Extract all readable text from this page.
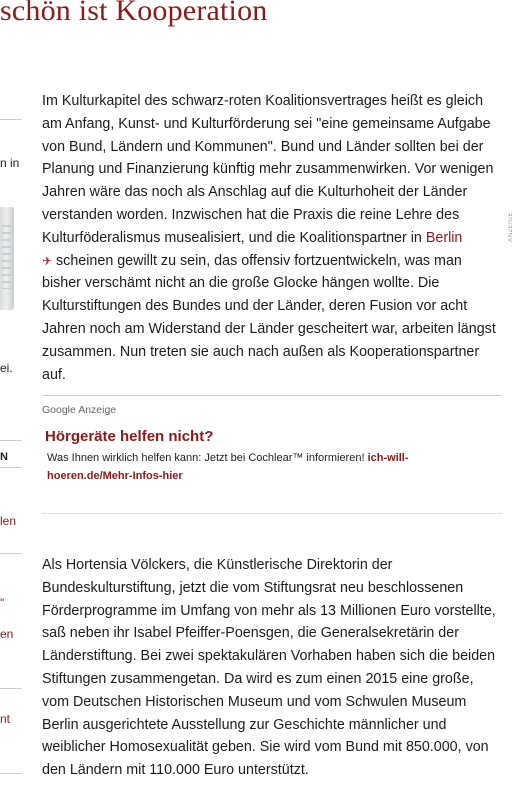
schön ist Kooperation
n in
ei.
N
len
"
en
nt
ANZEIGE

Im Kulturkapitel des schwarz-roten Koalitionsvertrages heißt es gleich am Anfang, Kunst- und Kulturförderung sei "eine gemeinsame Aufgabe von Bund, Ländern und Kommunen". Bund und Länder sollten bei der Planung und Finanzierung künftig mehr zusammenwirken. Vor wenigen Jahren wäre das noch als Anschlag auf die Kulturhoheit der Länder verstanden worden. Inzwischen hat die Praxis die reine Lehre des Kulturföderalismus musealisiert, und die Koalitionspartner in Berlin
✈ scheinen gewillt zu sein, das offensiv fortzuentwickeln, was man bisher verschämt nicht an die große Glocke hängen wollte. Die Kulturstiftungen des Bundes und der Länder, deren Fusion vor acht Jahren noch am Widerstand der Länder gescheitert war, arbeiten längst zusammen. Nun treten sie auch nach außen als Kooperationspartner auf.

Google Anzeige
Hörgeräte helfen nicht?
Was Ihnen wirklich helfen kann: Jetzt bei Cochlear™ informieren! ich-will-hoeren.de/Mehr-Infos-hier

Als Hortensia Völckers, die Künstlerische Direktorin der Bundeskulturstiftung, jetzt die vom Stiftungsrat neu beschlossenen Förderprogramme im Umfang von mehr als 13 Millionen Euro vorstellte, saß neben ihr Isabel Pfeiffer-Poensgen, die Generalsekretärin der Länderstiftung. Bei zwei spektakulären Vorhaben haben sich die beiden Stiftungen zusammengetan. Da wird es zum einen 2015 eine große, vom Deutschen Historischen Museum und vom Schwulen Museum Berlin ausgerichtete Ausstellung zur Geschichte männlicher und weiblicher Homosexualität geben. Sie wird vom Bund mit 850.000, von den Ländern mit 110.000 Euro unterstützt.
